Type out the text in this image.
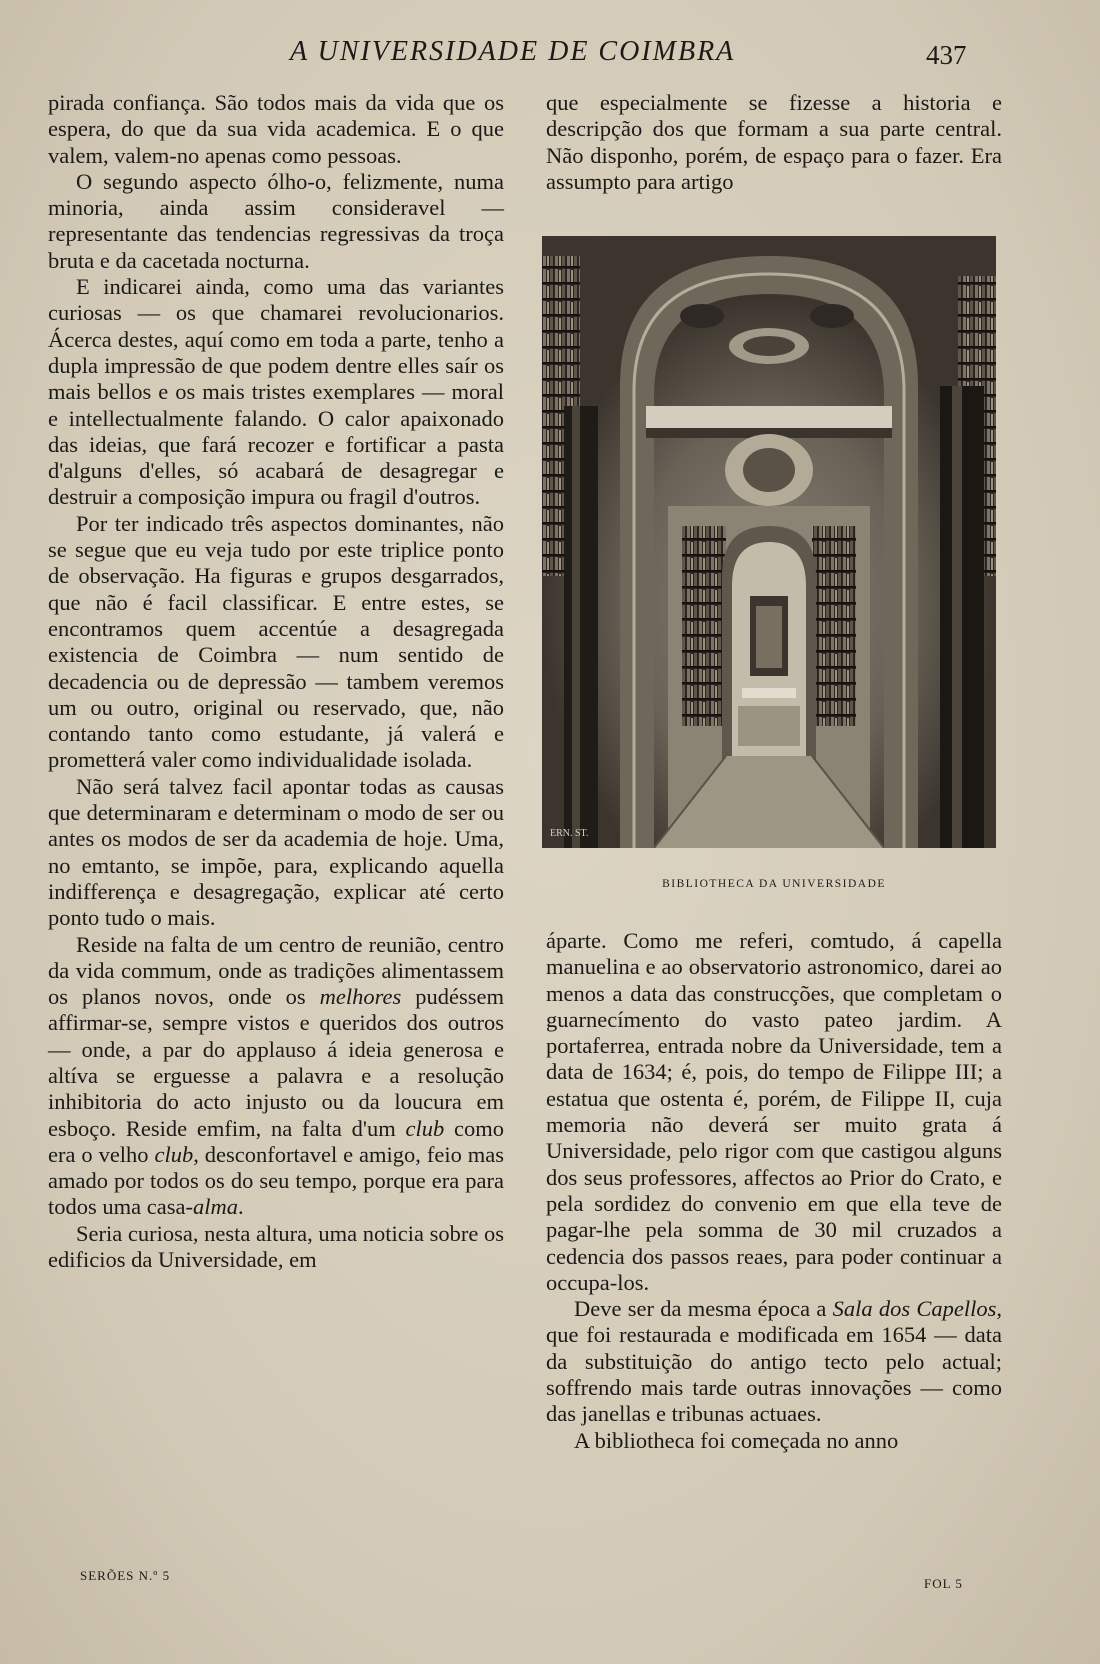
A UNIVERSIDADE DE COIMBRA	437

pirada confiança. São todos mais da vida que os espera, do que da sua vida academica. E o que valem, valem-no apenas como pessoas.

O segundo aspecto ólho-o, felizmente, numa minoria, ainda assim consideravel — representante das tendencias regressivas da troça bruta e da cacetada nocturna.

E indicarei ainda, como uma das variantes curiosas — os que chamarei revolucionarios. Ácerca destes, aquí como em toda a parte, tenho a dupla impressão de que podem dentre elles saír os mais bellos e os mais tristes exemplares — moral e intellectualmente falando. O calor apaixonado das ideias, que fará recozer e fortificar a pasta d'alguns d'elles, só acabará de desagregar e destruir a composição impura ou fragil d'outros.

Por ter indicado três aspectos dominantes, não se segue que eu veja tudo por este triplice ponto de observação. Ha figuras e grupos desgarrados, que não é facil classificar. E entre estes, se encontramos quem accentúe a desagregada existencia de Coimbra — num sentido de decadencia ou de depressão — tambem veremos um ou outro, original ou reservado, que, não contando tanto como estudante, já valerá e prometterá valer como individualidade isolada.

Não será talvez facil apontar todas as causas que determinaram e determinam o modo de ser ou antes os modos de ser da academia de hoje. Uma, no emtanto, se impõe, para, explicando aquella indifferença e desagregação, explicar até certo ponto tudo o mais.

Reside na falta de um centro de reunião, centro da vida commum, onde as tradições alimentassem os planos novos, onde os melhores pudéssem affirmar-se, sempre vistos e queridos dos outros — onde, a par do applauso á ideia generosa e altíva se erguesse a palavra e a resolução inhibitoria do acto injusto ou da loucura em esboço. Reside emfim, na falta d'um club como era o velho club, desconfortavel e amigo, feio mas amado por todos os do seu tempo, porque era para todos uma casa-alma.

Seria curiosa, nesta altura, uma noticia sobre os edificios da Universidade, em

que especialmente se fizesse a historia e descripção dos que formam a sua parte central. Não disponho, porém, de espaço para o fazer. Era assumpto para artigo

ERN. ST.
BIBLIOTHECA DA UNIVERSIDADE

áparte. Como me referi, comtudo, á capella manuelina e ao observatorio astronomico, darei ao menos a data das construcções, que completam o guarnecímento do vasto pateo jardim. A portaferrea, entrada nobre da Universidade, tem a data de 1634; é, pois, do tempo de Filippe III; a estatua que ostenta é, porém, de Filippe II, cuja memoria não deverá ser muito grata á Universidade, pelo rigor com que castigou alguns dos seus professores, affectos ao Prior do Crato, e pela sordidez do convenio em que ella teve de pagar-lhe pela somma de 30 mil cruzados a cedencia dos passos reaes, para poder continuar a occupa-los.

Deve ser da mesma época a Sala dos Capellos, que foi restaurada e modificada em 1654 — data da substituição do antigo tecto pelo actual; soffrendo mais tarde outras innovações — como das janellas e tribunas actuaes.

A bibliotheca foi começada no anno

SERÕES N.º 5
FOL 5
